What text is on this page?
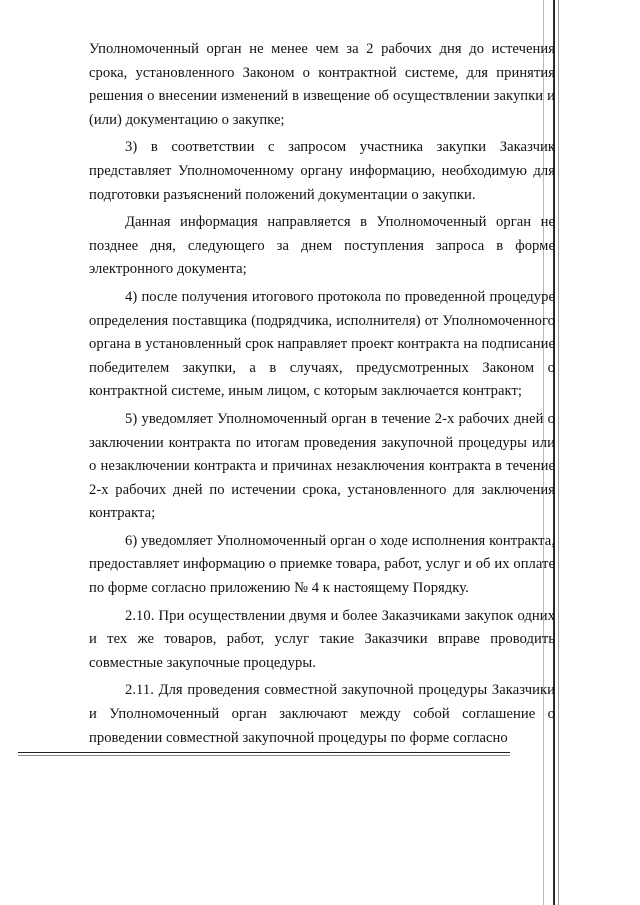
Уполномоченный орган не менее чем за 2 рабочих дня до истечения срока, установленного Законом о контрактной системе, для принятия решения о внесении изменений в извещение об осуществлении закупки и (или) документацию о закупке;

3) в соответствии с запросом участника закупки Заказчик представляет Уполномоченному органу информацию, необходимую для подготовки разъяснений положений документации о закупки.

Данная информация направляется в Уполномоченный орган не позднее дня, следующего за днем поступления запроса в форме электронного документа;

4) после получения итогового протокола по проведенной процедуре определения поставщика (подрядчика, исполнителя) от Уполномоченного органа в установленный срок направляет проект контракта на подписание победителем закупки, а в случаях, предусмотренных Законом о контрактной системе, иным лицом, с которым заключается контракт;

5) уведомляет Уполномоченный орган в течение 2-х рабочих дней о заключении контракта по итогам проведения закупочной процедуры или о незаключении контракта и причинах незаключения контракта в течение 2-х рабочих дней по истечении срока, установленного для заключения контракта;

6) уведомляет Уполномоченный орган о ходе исполнения контракта, предоставляет информацию о приемке товара, работ, услуг и об их оплате по форме согласно приложению № 4 к настоящему Порядку.

2.10. При осуществлении двумя и более Заказчиками закупок одних и тех же товаров, работ, услуг такие Заказчики вправе проводить совместные закупочные процедуры.

2.11. Для проведения совместной закупочной процедуры Заказчики и Уполномоченный орган заключают между собой соглашение о проведении совместной закупочной процедуры по форме согласно
